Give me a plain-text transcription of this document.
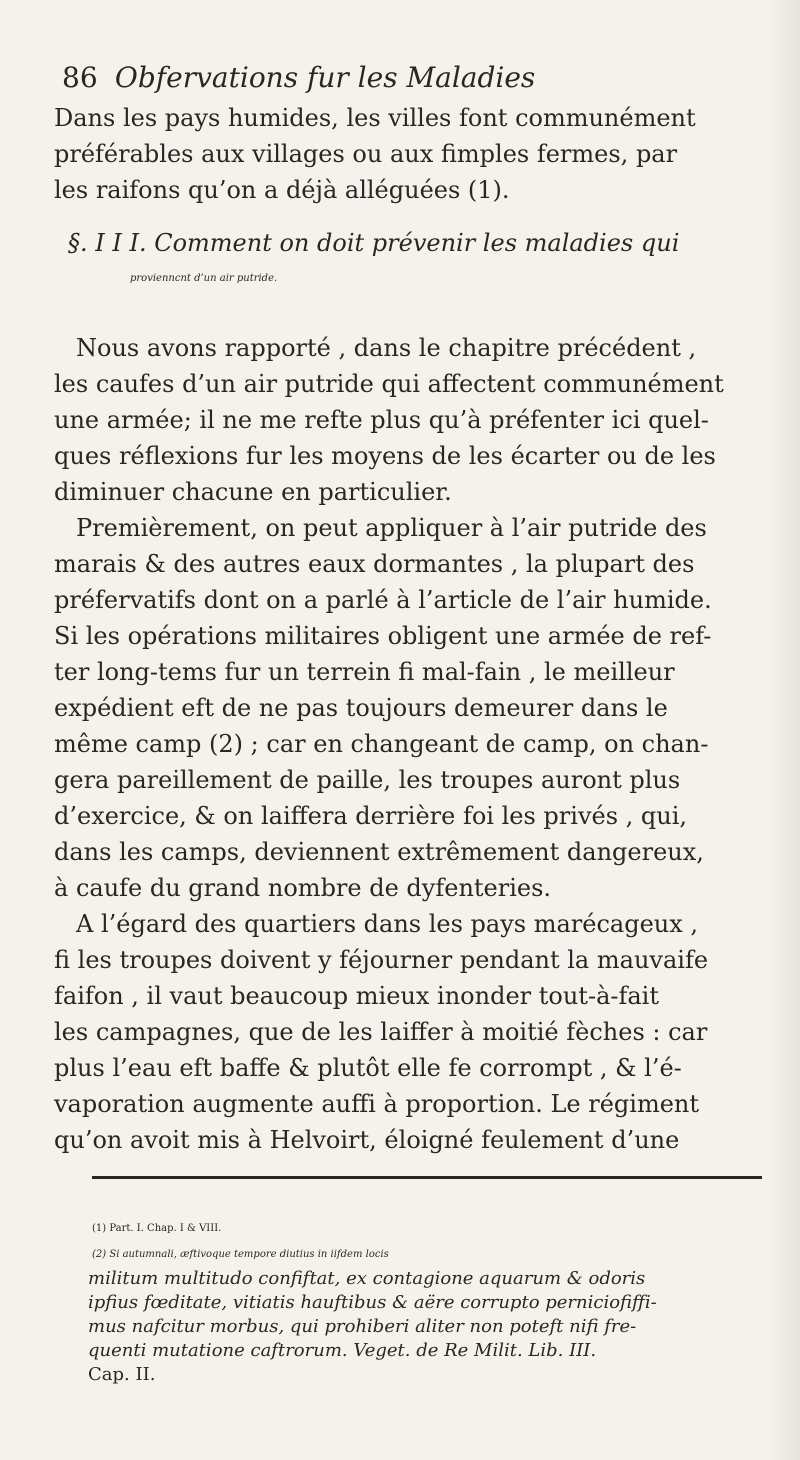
86 Obfervations fur les Maladies
Dans les pays humides, les villes font communément
préférables aux villages ou aux fimples fermes, par
les raifons qu’on a déjà alléguées (1).
§. I I I. Comment on doit prévenir les maladies qui
provienncnt d’un air putride.
Nous avons rapporté , dans le chapitre précédent ,
les caufes d’un air putride qui affectent communément
une armée; il ne me refte plus qu’à préfenter ici quel-
ques réflexions fur les moyens de les écarter ou de les
diminuer chacune en particulier.
Premièrement, on peut appliquer à l’air putride des
marais & des autres eaux dormantes , la plupart des
préfervatifs dont on a parlé à l’article de l’air humide.
Si les opérations militaires obligent une armée de ref-
ter long-tems fur un terrein fi mal-fain , le meilleur
expédient eft de ne pas toujours demeurer dans le
même camp (2) ; car en changeant de camp, on chan-
gera pareillement de paille, les troupes auront plus
d’exercice, & on laiffera derrière foi les privés , qui,
dans les camps, deviennent extrêmement dangereux,
à caufe du grand nombre de dyfenteries.
A l’égard des quartiers dans les pays marécageux ,
fi les troupes doivent y féjourner pendant la mauvaife
faifon , il vaut beaucoup mieux inonder tout-à-fait
les campagnes, que de les laiffer à moitié fèches : car
plus l’eau eft baffe & plutôt elle fe corrompt , & l’é-
vaporation augmente auffi à proportion. Le régiment
qu’on avoit mis à Helvoirt, éloigné feulement d’une
(1) Part. I. Chap. I & VIII.
(2) Si autumnali, æftivoque tempore diutius in iifdem locis
militum multitudo confiftat, ex contagione aquarum & odoris
ipfius fœditate, vitiatis hauftibus & aëre corrupto perniciofiffi-
mus nafcitur morbus, qui prohiberi aliter non poteft nifi fre-
quenti mutatione caftrorum. Veget. de Re Milit. Lib. III.
Cap. II.
